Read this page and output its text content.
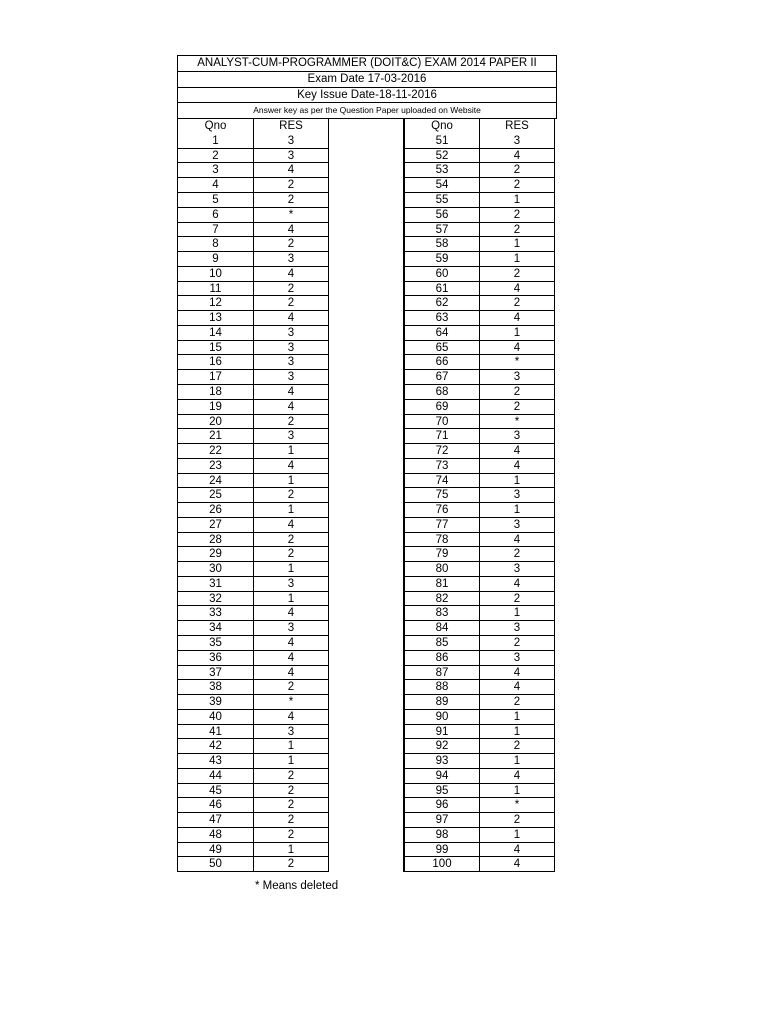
ANALYST-CUM-PROGRAMMER (DOIT&C) EXAM 2014 PAPER II
Exam Date 17-03-2016
Key Issue Date-18-11-2016
Answer key as per the Question Paper uploaded on Website
Qno	RES
1	3
2	3
3	4
4	2
5	2
6	*
7	4
8	2
9	3
10	4
11	2
12	2
13	4
14	3
15	3
16	3
17	3
18	4
19	4
20	2
21	3
22	1
23	4
24	1
25	2
26	1
27	4
28	2
29	2
30	1
31	3
32	1
33	4
34	3
35	4
36	4
37	4
38	2
39	*
40	4
41	3
42	1
43	1
44	2
45	2
46	2
47	2
48	2
49	1
50	2
Qno	RES
51	3
52	4
53	2
54	2
55	1
56	2
57	2
58	1
59	1
60	2
61	4
62	2
63	4
64	1
65	4
66	*
67	3
68	2
69	2
70	*
71	3
72	4
73	4
74	1
75	3
76	1
77	3
78	4
79	2
80	3
81	4
82	2
83	1
84	3
85	2
86	3
87	4
88	4
89	2
90	1
91	1
92	2
93	1
94	4
95	1
96	*
97	2
98	1
99	4
100	4
* Means deleted
